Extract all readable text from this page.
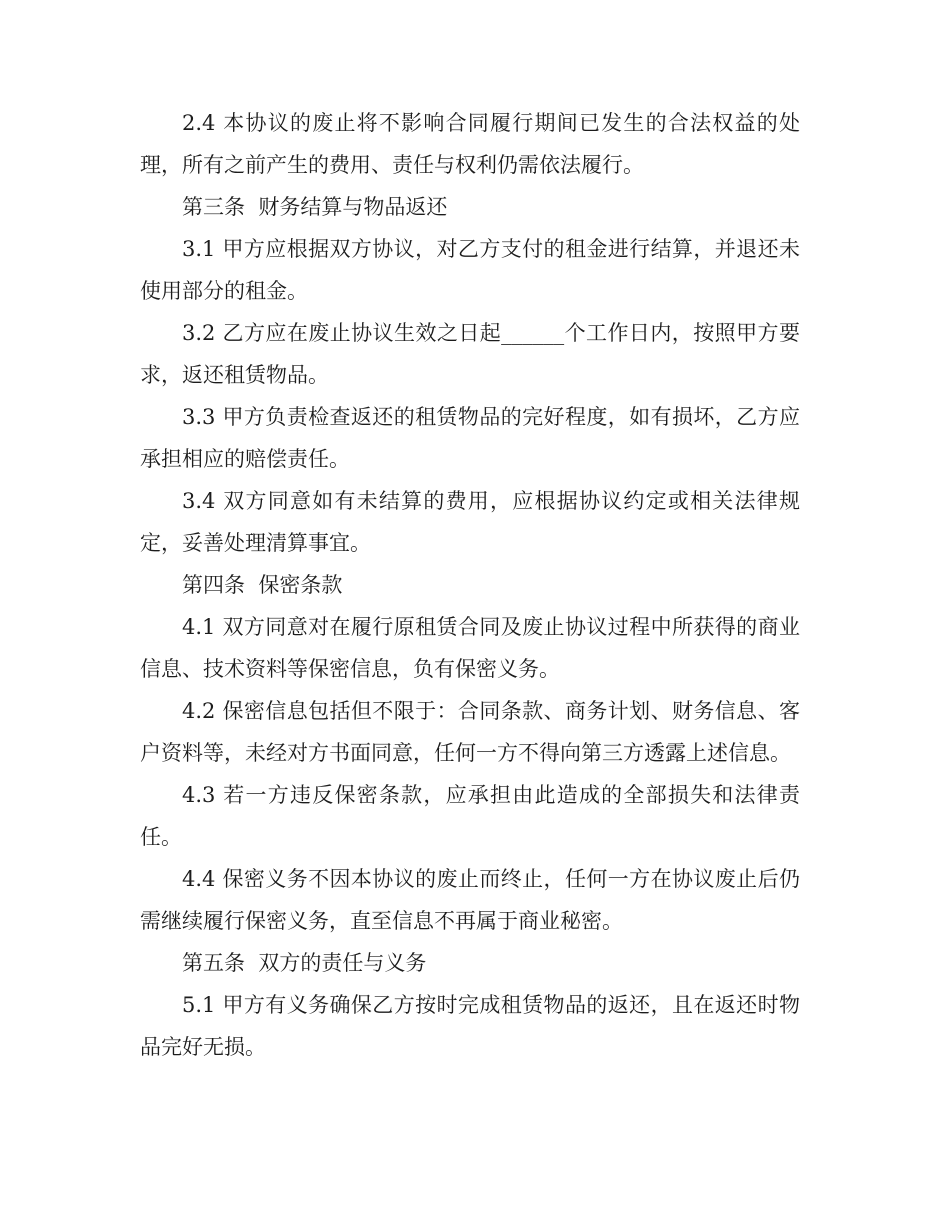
2.4 本协议的废止将不影响合同履行期间已发生的合法权益的处理，所有之前产生的费用、责任与权利仍需依法履行。

第三条  财务结算与物品返还

3.1 甲方应根据双方协议，对乙方支付的租金进行结算，并退还未使用部分的租金。

3.2 乙方应在废止协议生效之日起______个工作日内，按照甲方要求，返还租赁物品。

3.3 甲方负责检查返还的租赁物品的完好程度，如有损坏，乙方应承担相应的赔偿责任。

3.4 双方同意如有未结算的费用，应根据协议约定或相关法律规定，妥善处理清算事宜。

第四条  保密条款

4.1 双方同意对在履行原租赁合同及废止协议过程中所获得的商业信息、技术资料等保密信息，负有保密义务。

4.2 保密信息包括但不限于：合同条款、商务计划、财务信息、客户资料等，未经对方书面同意，任何一方不得向第三方透露上述信息。

4.3 若一方违反保密条款，应承担由此造成的全部损失和法律责任。

4.4 保密义务不因本协议的废止而终止，任何一方在协议废止后仍需继续履行保密义务，直至信息不再属于商业秘密。

第五条  双方的责任与义务

5.1 甲方有义务确保乙方按时完成租赁物品的返还，且在返还时物品完好无损。
